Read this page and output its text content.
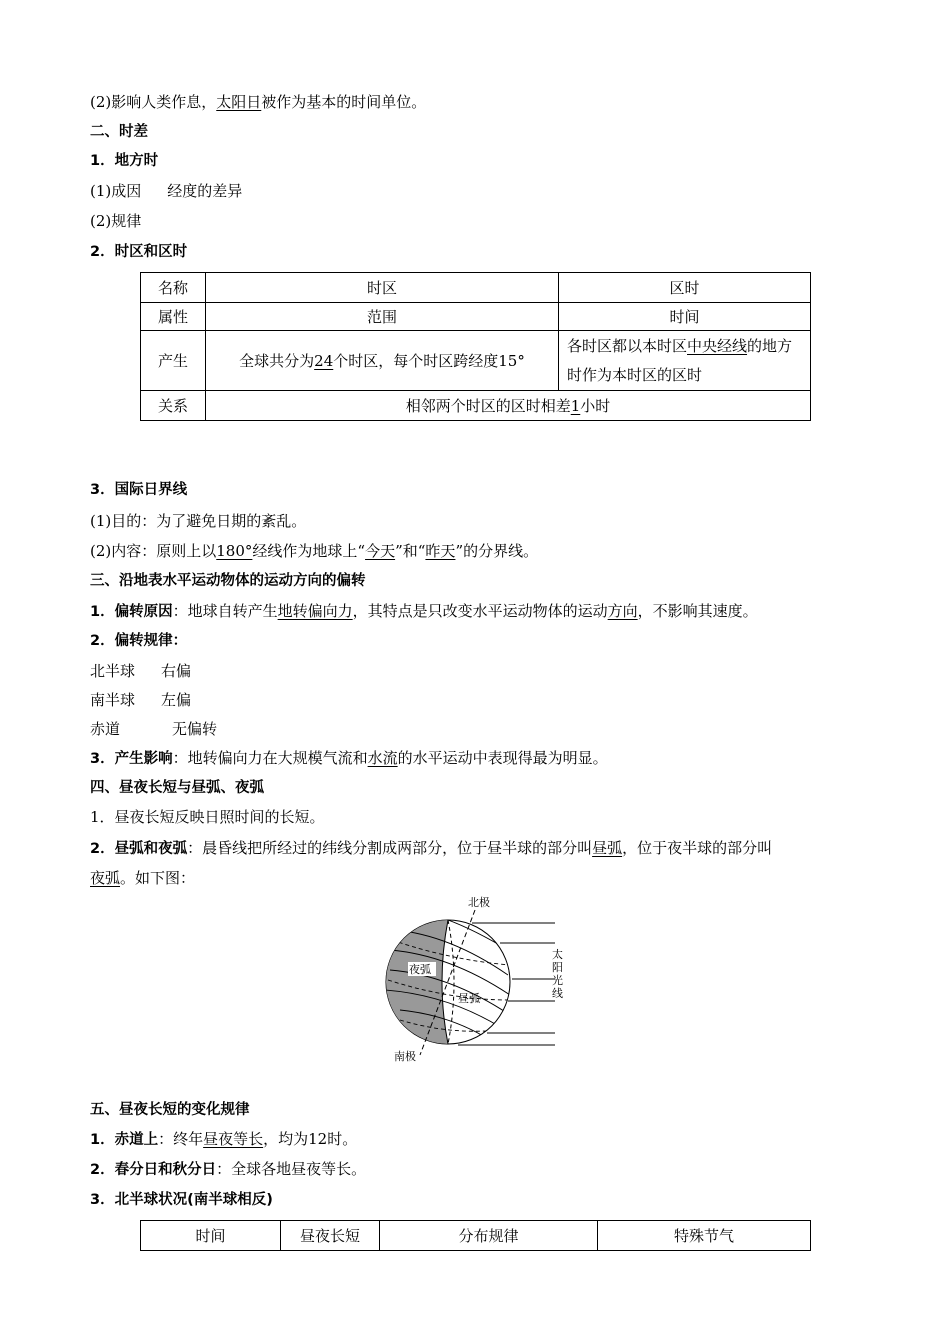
(2)影响人类作息，太阳日被作为基本的时间单位。
二、时差
1．地方时
(1)成因 经度的差异
(2)规律
2．时区和区时
3．国际日界线
(1)目的：为了避免日期的紊乱。
(2)内容：原则上以180°经线作为地球上“今天”和“昨天”的分界线。
三、沿地表水平运动物体的运动方向的偏转
1．偏转原因：地球自转产生地转偏向力，其特点是只改变水平运动物体的运动方向，不影响其速度。
2．偏转规律：
北半球 右偏
南半球 左偏
赤道	无偏转
3．产生影响：地转偏向力在大规模气流和水流的水平运动中表现得最为明显。
四、昼夜长短与昼弧、夜弧
1．昼夜长短反映日照时间的长短。
2．昼弧和夜弧：晨昏线把所经过的纬线分割成两部分，位于昼半球的部分叫昼弧，位于夜半球的部分叫
夜弧。如下图：
五、昼夜长短的变化规律
1．赤道上：终年昼夜等长，均为12时。
2．春分日和秋分日：全球各地昼夜等长。
3．北半球状况(南半球相反)
名称	时区	区时
属性	范围	时间
产生	全球共分为24个时区，每个时区跨经度15°	各时区都以本时区中央经线的地方时作为本时区的区时
关系	相邻两个时区的区时相差1小时	
北极
南极
夜弧
昼弧
太
阳
光
线
时间	昼夜长短	分布规律	特殊节气
